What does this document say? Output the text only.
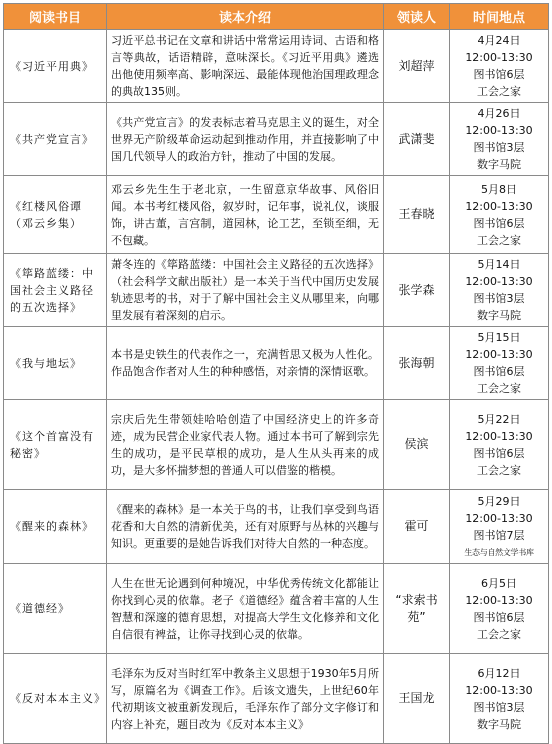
阅读书目	读本介绍	领读人	时间地点
《习近平用典》	习近平总书记在文章和讲话中常常运用诗词、古语和格言等典故，话语精辟，意味深长。《习近平用典》遴选出他使用频率高、影响深远、最能体现他治国理政理念的典故135则。	刘超萍	4月24日
12:00-13:30
图书馆6层
工会之家

《共产党宣言》	《共产党宣言》的发表标志着马克思主义的诞生，对全世界无产阶级革命运动起到推动作用，并直接影响了中国几代领导人的政治方针，推动了中国的发展。	武潇斐	4月26日
12:00-13:30
图书馆3层
数字马院

《红楼风俗谭（邓云乡集）	邓云乡先生生于老北京，一生留意京华故事、风俗旧闻。本书考红楼风俗，叙岁时，记年事，说礼仪，谈服饰，讲古董，言宫制，道园林，论工艺，至锁至细，无不包藏。	王春晓	5月8日
12:00-13:30
图书馆6层
工会之家

《筚路蓝缕：中国社会主义路径的五次选择》	萧冬连的《筚路蓝缕：中国社会主义路径的五次选择》（社会科学文献出版社）是一本关于当代中国历史发展轨迹思考的书，对于了解中国社会主义从哪里来，向哪里发展有着深刻的启示。	张学森	5月14日
12:00-13:30
图书馆3层
数字马院

《我与地坛》	本书是史铁生的代表作之一，充满哲思又极为人性化。作品饱含作者对人生的种种感悟，对亲情的深情讴歌。	张海朝	5月15日
12:00-13:30
图书馆6层
工会之家

《这个首富没有秘密》	宗庆后先生带领娃哈哈创造了中国经济史上的许多奇迹，成为民营企业家代表人物。通过本书可了解到宗先生的成功，是平民草根的成功，是人生从头再来的成功，是大多怀揣梦想的普通人可以借鉴的楷模。	侯滨	5月22日
12:00-13:30
图书馆6层
工会之家

《醒来的森林》	《醒来的森林》是一本关于鸟的书，让我们享受到鸟语花香和大自然的清新优美，还有对原野与丛林的兴趣与知识。更重要的是她告诉我们对待大自然的一种态度。	霍可	5月29日
12:00-13:30
图书馆7层
生态与自然文学书库

《道德经》	人生在世无论遇到何种境况，中华优秀传统文化都能让你找到心灵的依靠。老子《道德经》蕴含着丰富的人生智慧和深邃的德育思想，对提高大学生文化修养和文化自信很有裨益，让你寻找到心灵的依靠。	“求索书苑”	6月5日
12:00-13:30
图书馆6层
工会之家

《反对本本主义》	毛泽东为反对当时红军中教条主义思想于1930年5月所写，原篇名为《调查工作》。后该文遗失，上世纪60年代初期该文被重新发现后，毛泽东作了部分文字修订和内容上补充，题目改为《反对本本主义》	王国龙	6月12日
12:00-13:30
图书馆3层
数字马院
